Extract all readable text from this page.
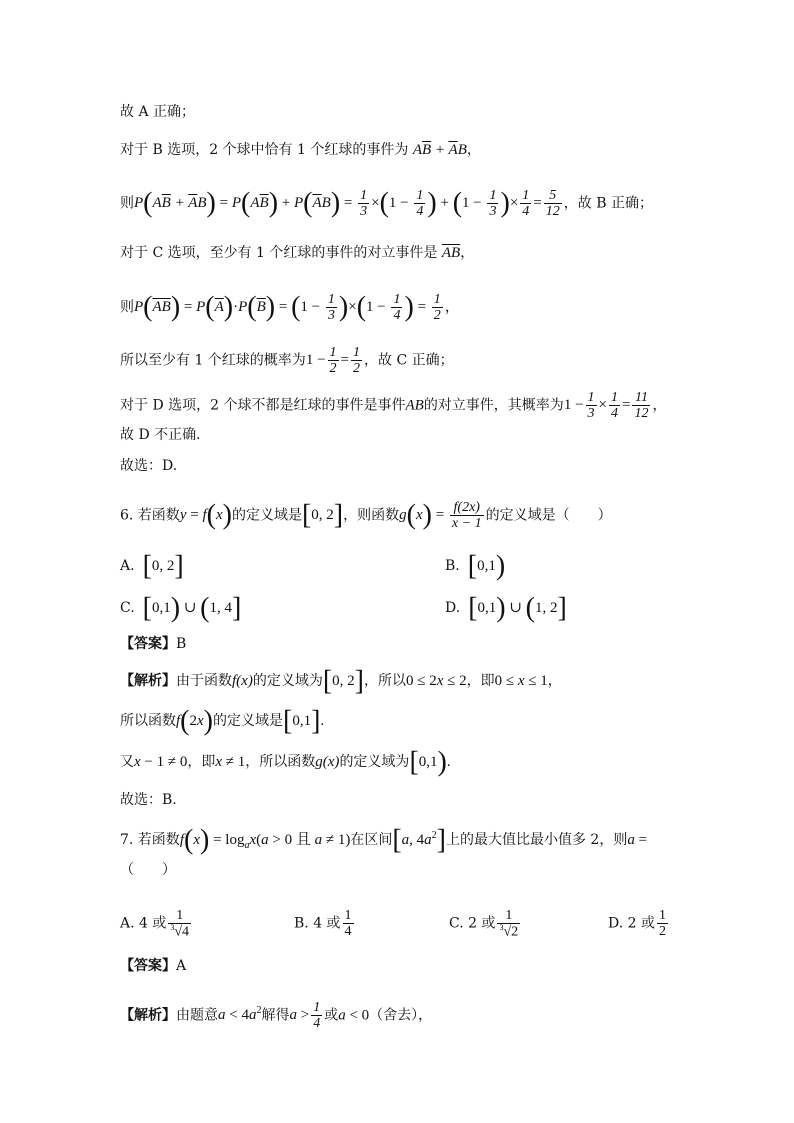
故 A 正确；
对于 B 选项，2 个球中恰有 1 个红球的事件为 $A\overline{B} + \overline{A}B$，
则$P(A\overline{B} + \overline{A}B) = P(A\overline{B}) + P(\overline{A}B) = \frac{1}{3} \times(1 - \frac{1}{4}$ ) + ($1 - \frac{1}{3}$ )× $\frac{1}{4} = \frac{5}{12}$ ，故 B 正确；
对于 C 选项，至少有 1 个红球的事件的对立事件是 $\overline{AB}$，
则$P(\overline{AB}) = P(\overline{A})\cdot P(\overline{B}) = (1 - \frac{1}{3} )\times(1 - \frac{1}{4}$ ) = $\frac{1}{2}$ ，
所以至少有 1 个红球的概率为$1 - \frac{1}{2} = \frac{1}{2}$ ，故 C 正确；
对于 D 选项，2 个球不都是红球的事件是事件AB的对立事件，其概率为$1 - \frac{1}{3} \times \frac{1}{4} = \frac{11}{12}$ ，
故 D 不正确．
故选：D.
6. 若函数y = f(x)的定义域是[0, 2]，则函数$g(x) = \frac{f(2x)}{x - 1}$ 的定义域是（　　）
A. [0, 2]	B. [0,1)
C. [0,1) ∪ (1, 4]	D. [0,1) ∪ (1, 2]
【答案】B
【解析】由于函数f(x)的定义域为[0, 2]，所以0 ≤ 2x ≤ 2，即0 ≤ x ≤ 1，
所以函数f(2x)的定义域是[0,1].
又x − 1 ≠ 0，即x ≠ 1，所以函数g(x)的定义域为[0,1).
故选：B.
7. 若函数$f(x) = \log_ax(a > 0$ 且 a ≠ 1)在区间[a, $4a^2$]上的最大值比最小值多 2，则a =
（　　）
A. 4 或 $\frac{1}{^3√4}$	B. 4 或 $\frac{1}{4}$	C. 2 或 $\frac{1}{^3√2}$	D. 2 或 $\frac{1}{2}$
【答案】A
【解析】由题意$a < 4a^2$解得$a > \frac{1}{4}$ 或a < 0（舍去），
